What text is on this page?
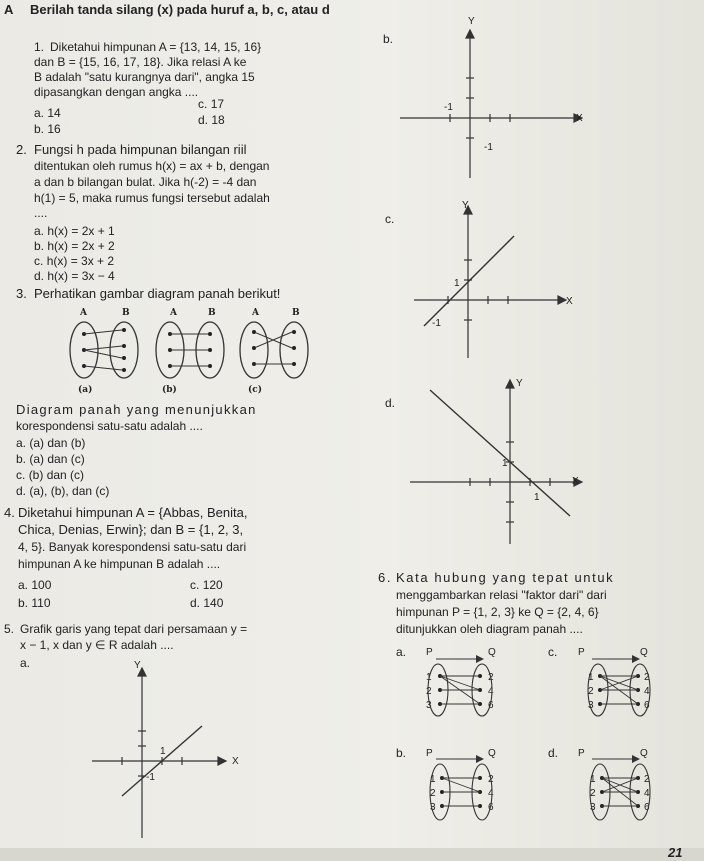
A Berilah tanda silang (x) pada huruf a, b, c, atau d
1. Diketahui himpunan A = {13, 14, 15, 16}
dan B = {15, 16, 17, 18}. Jika relasi A ke
B adalah "satu kurangnya dari", angka 15
dipasangkan dengan angka ....
a. 14
b. 16
c. 17
d. 18
2. Fungsi h pada himpunan bilangan riil
ditentukan oleh rumus h(x) = ax + b, dengan
a dan b bilangan bulat. Jika h(-2) = -4 dan
h(1) = 5, maka rumus fungsi tersebut adalah
....
a. h(x) = 2x + 1
b. h(x) = 2x + 2
c. h(x) = 3x + 2
d. h(x) = 3x − 4
3. Perhatikan gambar diagram panah berikut!
A	B	A	B	A	B
(a)	(b)	(c)
Diagram panah yang menunjukkan
korespondensi satu-satu adalah ....
a. (a) dan (b)
b. (a) dan (c)
c. (b) dan (c)
d. (a), (b), dan (c)
4. Diketahui himpunan A = {Abbas, Benita,
Chica, Denias, Erwin}; dan B = {1, 2, 3,
4, 5}. Banyak korespondensi satu-satu dari
himpunan A ke himpunan B adalah ....
a. 100
b. 110
c. 120
d. 140
5. Grafik garis yang tepat dari persamaan y =
x − 1, x dan y ∈ R adalah ....
a.	Y
X
1
-1
b.
Y
X
-1
-1
c.
Y
X
1
-1
d.
Y
X
1
1
6. Kata hubung yang tepat untuk
menggambarkan relasi "faktor dari" dari
himpunan P = {1, 2, 3} ke Q = {2, 4, 6}
ditunjukkan oleh diagram panah ....
a.	c.
b.	d.
P	Q
1
2
3
2
4
6
P	Q
1
2
3
2
4
6
P	Q
1
2
3
2
4
6
P	Q
1
2
3
2
4
6
21
